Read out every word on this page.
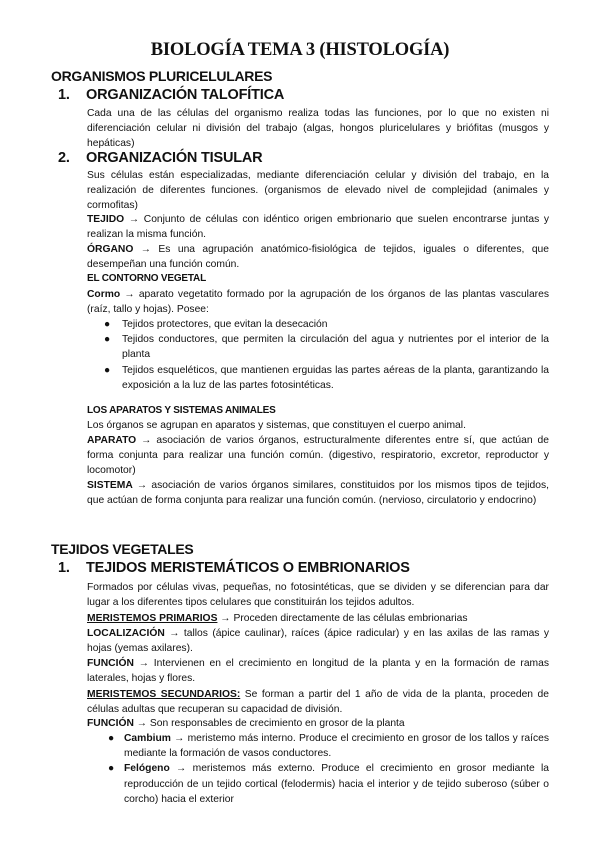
BIOLOGÍA TEMA 3 (HISTOLOGÍA)
ORGANISMOS PLURICELULARES
1. ORGANIZACIÓN TALOFÍTICA
Cada una de las células del organismo realiza todas las funciones, por lo que no existen ni diferenciación celular ni división del trabajo (algas, hongos pluricelulares y briófitas (musgos y hepáticas)
2. ORGANIZACIÓN TISULAR
Sus células están especializadas, mediante diferenciación celular y división del trabajo, en la realización de diferentes funciones. (organismos de elevado nivel de complejidad (animales y cormofitas)
TEJIDO → Conjunto de células con idéntico origen embrionario que suelen encontrarse juntas y realizan la misma función.
ÓRGANO → Es una agrupación anatómico-fisiológica de tejidos, iguales o diferentes, que desempeñan una función común.
EL CONTORNO VEGETAL
Cormo → aparato vegetatito formado por la agrupación de los órganos de las plantas vasculares (raíz, tallo y hojas). Posee:
● Tejidos protectores, que evitan la desecación
● Tejidos conductores, que permiten la circulación del agua y nutrientes por el interior de la planta
● Tejidos esqueléticos, que mantienen erguidas las partes aéreas de la planta, garantizando la exposición a la luz de las partes fotosintéticas.
LOS APARATOS Y SISTEMAS ANIMALES
Los órganos se agrupan en aparatos y sistemas, que constituyen el cuerpo animal.
APARATO → asociación de varios órganos, estructuralmente diferentes entre sí, que actúan de forma conjunta para realizar una función común. (digestivo, respiratorio, excretor, reproductor y locomotor)
SISTEMA → asociación de varios órganos similares, constituidos por los mismos tipos de tejidos, que actúan de forma conjunta para realizar una función común. (nervioso, circulatorio y endocrino)
TEJIDOS VEGETALES
1. TEJIDOS MERISTEMÁTICOS O EMBRIONARIOS
Formados por células vivas, pequeñas, no fotosintéticas, que se dividen y se diferencian para dar lugar a los diferentes tipos celulares que constituirán los tejidos adultos.
MERISTEMOS PRIMARIOS → Proceden directamente de las células embrionarias
LOCALIZACIÓN → tallos (ápice caulinar), raíces (ápice radicular) y en las axilas de las ramas y hojas (yemas axilares).
FUNCIÓN → Intervienen en el crecimiento en longitud de la planta y en la formación de ramas laterales, hojas y flores.
MERISTEMOS SECUNDARIOS: Se forman a partir del 1 año de vida de la planta, proceden de células adultas que recuperan su capacidad de división.
FUNCIÓN → Son responsables de crecimiento en grosor de la planta
● Cambium → meristemo más interno. Produce el crecimiento en grosor de los tallos y raíces mediante la formación de vasos conductores.
● Felógeno → meristemos más externo. Produce el crecimiento en grosor mediante la reproducción de un tejido cortical (felodermis) hacia el interior y de tejido suberoso (súber o corcho) hacia el exterior
